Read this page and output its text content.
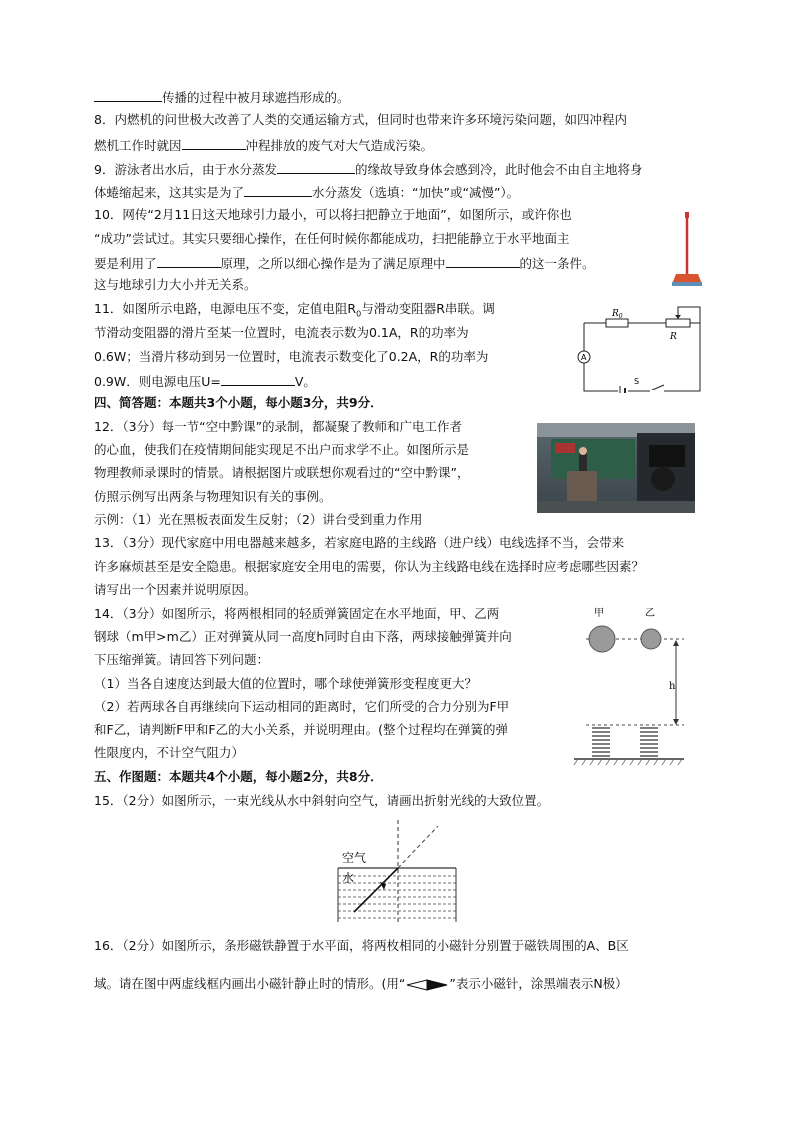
传播的过程中被月球遮挡形成的。
8．内燃机的问世极大改善了人类的交通运输方式，但同时也带来许多环境污染问题，如四冲程内
燃机工作时就因	冲程排放的废气对大气造成污染。
9．游泳者出水后，由于水分蒸发	的缘故导致身体会感到冷，此时他会不由自主地将身
体蜷缩起来，这其实是为了	水分蒸发（选填：“加快”或“减慢”）。
10．网传“2月11日这天地球引力最小，可以将扫把静立于地面”，如图所示，或许你也
“成功”尝试过。其实只要细心操作，在任何时候你都能成功，扫把能静立于水平地面主
要是利用了	原理，之所以细心操作是为了满足原理中	的这一条件。
这与地球引力大小并无关系。
11．如图所示电路，电源电压不变，定值电阻$R_0$与滑动变阻器R串联。调
节滑动变阻器的滑片至某一位置时，电流表示数为0.1A，R的功率为
0.6W；当滑片移动到另一位置时，电流表示数变化了0.2A，R的功率为
0.9W．则电源电压U=	V。
$R_0$
R
A
S
四、简答题：本题共3个小题，每小题3分，共9分．
12．（3分）每一节“空中黔课”的录制，都凝聚了教师和广电工作者
的心血，使我们在疫情期间能实现足不出户而求学不止。如图所示是
物理教师录课时的情景。请根据图片或联想你观看过的“空中黔课”，
仿照示例写出两条与物理知识有关的事例。
示例：（1）光在黑板表面发生反射；（2）讲台受到重力作用
13．（3分）现代家庭中用电器越来越多，若家庭电路的主线路（进户线）电线选择不当，会带来
许多麻烦甚至是安全隐患。根据家庭安全用电的需要，你认为主线路电线在选择时应考虑哪些因素？
请写出一个因素并说明原因。
14．（3分）如图所示，将两根相同的轻质弹簧固定在水平地面，甲、乙两
钢球（m甲>m乙）正对弹簧从同一高度h同时自由下落，两球接触弹簧并向
下压缩弹簧。请回答下列问题：
（1）当各自速度达到最大值的位置时，哪个球使弹簧形变程度更大？
（2）若两球各自再继续向下运动相同的距离时，它们所受的合力分别为F甲
和F乙，请判断F甲和F乙的大小关系，并说明理由。(整个过程均在弹簧的弹
性限度内，不计空气阻力）
甲	乙
h
五、作图题：本题共4个小题，每小题2分，共8分．
15．（2分）如图所示，一束光线从水中斜射向空气，请画出折射光线的大致位置。
空气
水
16．（2分）如图所示，条形磁铁静置于水平面，将两枚相同的小磁针分别置于磁铁周围的A、B区
域。请在图中两虚线框内画出小磁针静止时的情形。(用“	”表示小磁针，涂黑端表示N极）
